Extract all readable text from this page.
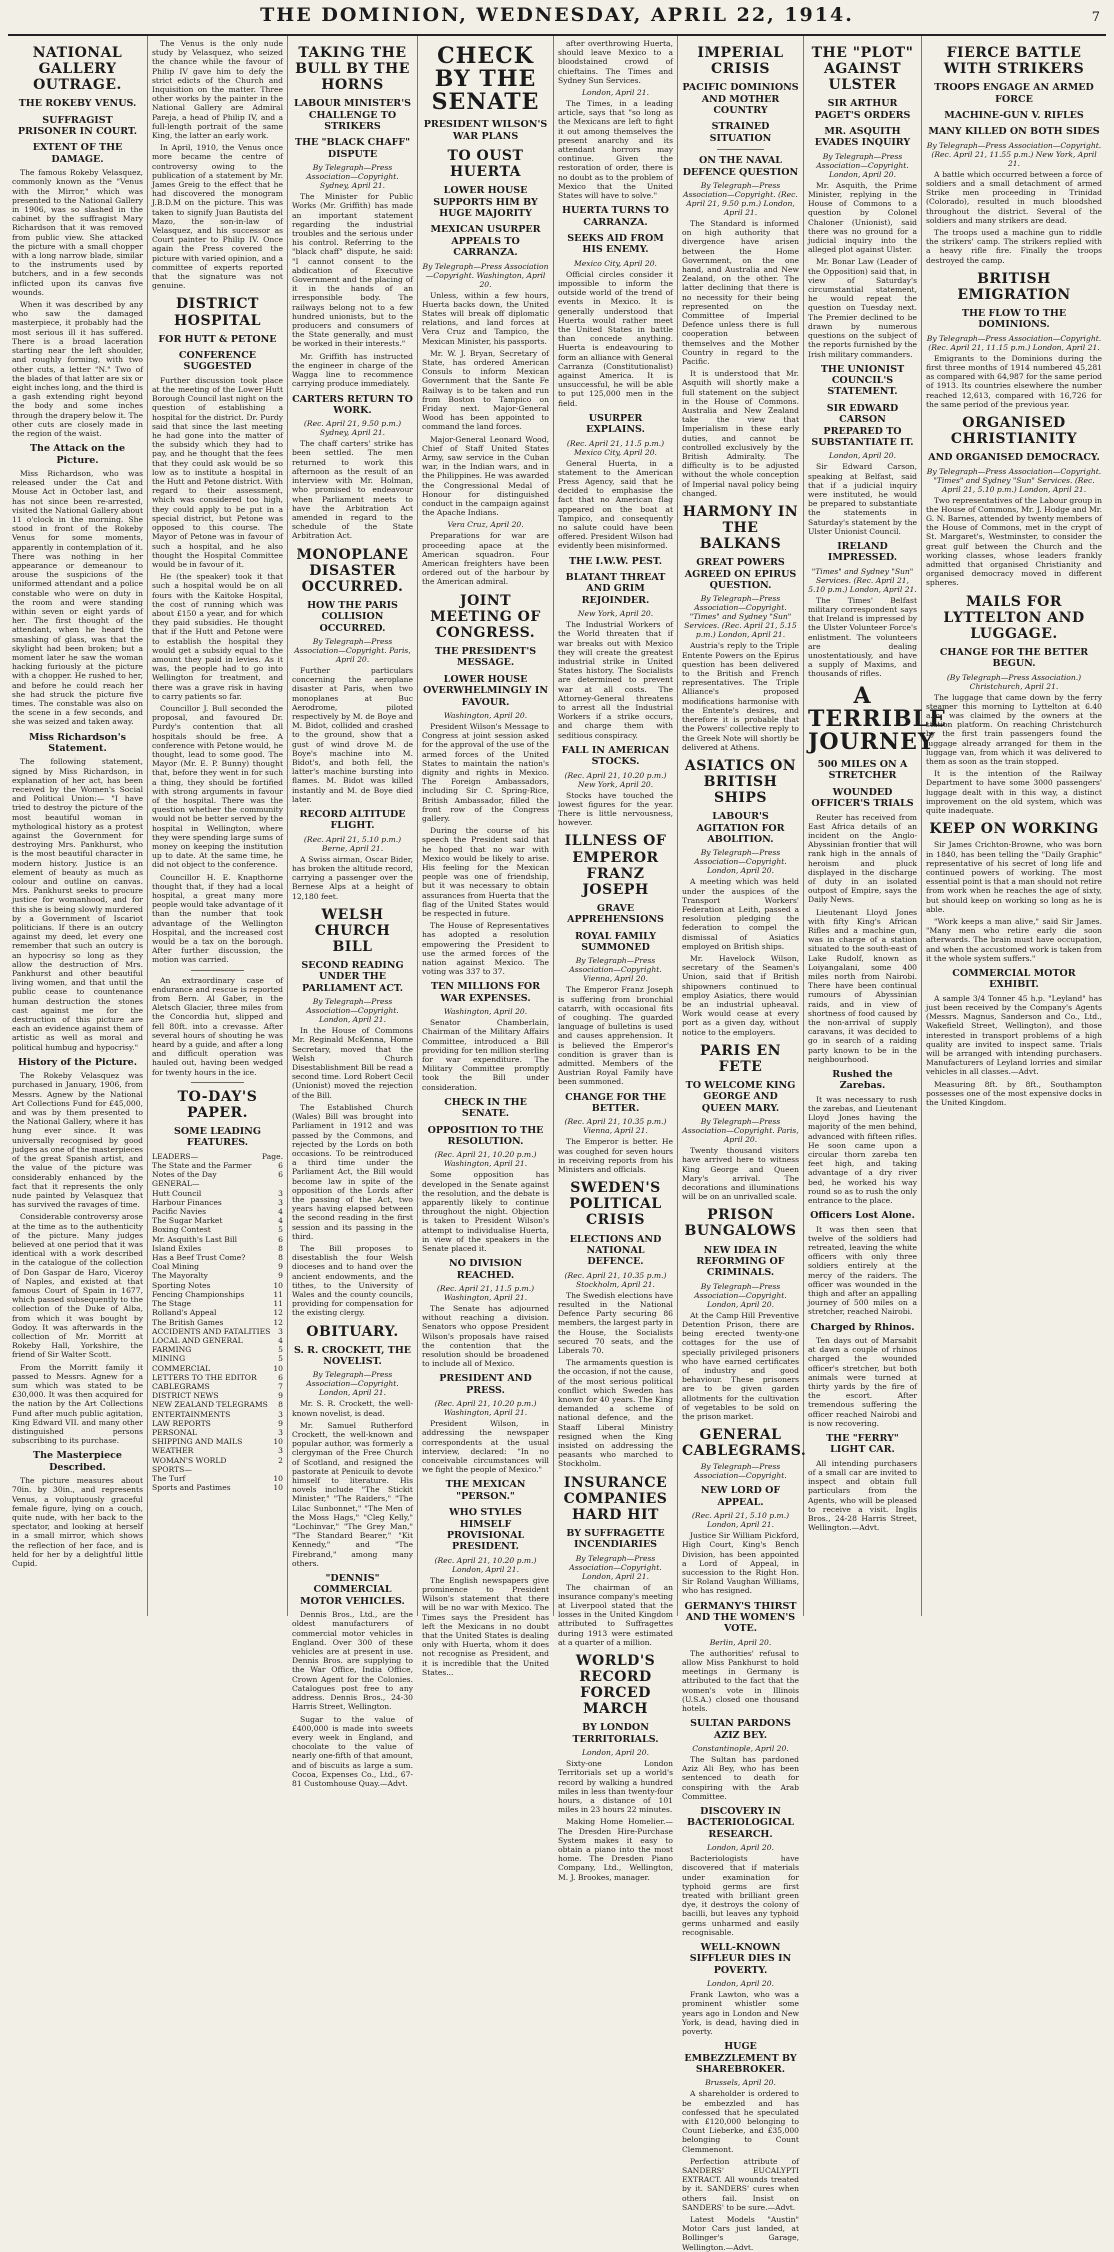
THE DOMINION, WEDNESDAY, APRIL 22, 1914.	7
NATIONAL GALLERY OUTRAGE.
THE ROKEBY VENUS.
SUFFRAGIST PRISONER IN COURT.
EXTENT OF THE DAMAGE.
The famous Rokeby Velasquez, commonly known as the "Venus with the Mirror," which was presented to the National Gallery in 1906, was so slashed in the cabinet by the suffragist Mary Richardson that it was removed from public view. She attacked the picture with a small chopper with a long narrow blade, similar to the instruments used by butchers, and in a few seconds inflicted upon its canvas five wounds.
When it was described by any who saw the damaged masterpiece, it probably had the most serious ill it has suffered. There is a broad laceration starting near the left shoulder, and roughly forming, with two other cuts, a letter "N." Two of the blades of that latter are six or eight inches long, and the third is a gash extending right beyond the body and some inches through the drapery below it. The other cuts are closely made in the region of the waist.
The Attack on the Picture.
Miss Richardson, who was released under the Cat and Mouse Act in October last, and has not since been re-arrested, visited the National Gallery about 11 o'clock in the morning. She stood in front of the Rokeby Venus for some moments, apparently in contemplation of it. There was nothing in her appearance or demeanour to arouse the suspicions of the uniformed attendant and a police constable who were on duty in the room and were standing within seven or eight yards of her. The first thought of the attendant, when he heard the smashing of glass, was that the skylight had been broken; but a moment later he saw the woman hacking furiously at the picture with a chopper. He rushed to her, and before he could reach her she had struck the picture five times. The constable was also on the scene in a few seconds, and she was seized and taken away.
Miss Richardson's Statement.
The following statement, signed by Miss Richardson, in explanation of her act, has been received by the Women's Social and Political Union:— "I have tried to destroy the picture of the most beautiful woman in mythological history as a protest against the Government for destroying Mrs. Pankhurst, who is the most beautiful character in modern history. Justice is an element of beauty as much as colour and outline on canvas. Mrs. Pankhurst seeks to procure justice for womanhood, and for this she is being slowly murdered by a Government of Iscariot politicians. If there is an outcry against my deed, let every one remember that such an outcry is an hypocrisy so long as they allow the destruction of Mrs. Pankhurst and other beautiful living women, and that until the public cease to countenance human destruction the stones cast against me for the destruction of this picture are each an evidence against them of artistic as well as moral and political humbug and hypocrisy."
History of the Picture.
The Rokeby Velasquez was purchased in January, 1906, from Messrs. Agnew by the National Art Collections Fund for £45,000, and was by them presented to the National Gallery, where it has hung ever since. It was universally recognised by good judges as one of the masterpieces of the great Spanish artist, and the value of the picture was considerably enhanced by the fact that it represents the only nude painted by Velasquez that has survived the ravages of time.
Considerable controversy arose at the time as to the authenticity of the picture. Many judges believed at one period that it was identical with a work described in the catalogue of the collection of Don Gaspar de Haro, Viceroy of Naples, and existed at that famous Court of Spain in 1677, which passed subsequently to the collection of the Duke of Alba, from which it was bought by Godoy. It was afterwards in the collection of Mr. Morritt at Rokeby Hall, Yorkshire, the friend of Sir Walter Scott.
From the Morritt family it passed to Messrs. Agnew for a sum which was stated to be £30,000. It was then acquired for the nation by the Art Collections Fund after much public agitation, King Edward VII. and many other distinguished persons subscribing to its purchase.
The Masterpiece Described.
The picture measures about 70in. by 30in., and represents Venus, a voluptuously graceful female figure, lying on a couch, quite nude, with her back to the spectator, and looking at herself in a small mirror, which shows the reflection of her face, and is held for her by a delightful little Cupid.
The Venus is the only nude study by Velasquez, who seized the chance while the favour of Philip IV gave him to defy the strict edicts of the Church and Inquisition on the matter. Three other works by the painter in the National Gallery are Admiral Pareja, a head of Philip IV, and a full-length portrait of the same King, the latter an early work.
In April, 1910, the Venus once more became the centre of controversy owing to the publication of a statement by Mr. James Greig to the effect that he had discovered the monogram J.B.D.M on the picture. This was taken to signify Juan Bautista del Mazo, the son-in-law of Velasquez, and his successor as Court painter to Philip IV. Once again the Press covered the picture with varied opinion, and a committee of experts reported that the signature was not genuine.
DISTRICT HOSPITAL
FOR HUTT & PETONE
CONFERENCE SUGGESTED
Further discussion took place at the meeting of the Lower Hutt Borough Council last night on the question of establishing a hospital for the district. Dr. Purdy said that since the last meeting he had gone into the matter of the subsidy which they had to pay, and he thought that the fees that they could ask would be so low as to institute a hospital in the Hutt and Petone district. With regard to their assessment, which was considered too high, they could apply to be put in a special district, but Petone was opposed to this course. The Mayor of Petone was in favour of such a hospital, and he also thought the Hospital Committee would be in favour of it.
He (the speaker) took it that such a hospital would be on all fours with the Kaitoke Hospital, the cost of running which was about £150 a year, and for which they paid subsidies. He thought that if the Hutt and Petone were to establish the hospital they would get a subsidy equal to the amount they paid in levies. As it was, the people had to go into Wellington for treatment, and there was a grave risk in having to carry patients so far.
Councillor J. Bull seconded the proposal, and favoured Dr. Purdy's contention that all hospitals should be free. A conference with Petone would, he thought, lead to some good. The Mayor (Mr. E. P. Bunny) thought that, before they went in for such a thing, they should be fortified with strong arguments in favour of the hospital. There was the question whether the community would not be better served by the hospital in Wellington, where they were spending large sums of money on keeping the institution up to date. At the same time, he did not object to the conference.
Councillor H. E. Knapthorne thought that, if they had a local hospital, a great many more people would take advantage of it than the number that took advantage of the Wellington Hospital, and the increased cost would be a tax on the borough. After further discussion, the motion was carried.
An extraordinary case of endurance and rescue is reported from Bern. Al Gaber, in the Aletsch Glacier, three miles from the Concordia hut, slipped and fell 80ft. into a crevasse. After several hours of shouting he was heard by a guide, and after a long and difficult operation was hauled out, having been wedged for twenty hours in the ice.
TO-DAY'S PAPER.
SOME LEADING FEATURES.
LEADERS—	Page.
The State and the Farmer	6
Notes of the Day	6
GENERAL—
Hutt Council	3
Harbour Finances	3
Pacific Navies	4
The Sugar Market	4
Boxing Contest	5
Mr. Asquith's Last Bill	6
Island Exiles	8
Has a Beef Trust Come?	8
Coal Mining	9
The Mayoralty	9
Sporting Notes	10
Fencing Championships	11
The Stage	11
Rolland's Appeal	12
The British Games	12
ACCIDENTS AND FATALITIES	3
LOCAL AND GENERAL	4
FARMING	5
MINING	5
COMMERCIAL	10
LETTERS TO THE EDITOR	6
CABLEGRAMS	7
DISTRICT NEWS	9
NEW ZEALAND TELEGRAMS	8
ENTERTAINMENTS	3
LAW REPORTS	9
PERSONAL	3
SHIPPING AND MAILS	10
WEATHER	3
WOMAN'S WORLD	2
SPORTS—
The Turf	10
Sports and Pastimes	10
TAKING THE BULL BY THE HORNS
LABOUR MINISTER'S CHALLENGE TO STRIKERS
THE "BLACK CHAFF" DISPUTE
By Telegraph—Press Association—Copyright. Sydney, April 21.
The Minister for Public Works (Mr. Griffith) has made an important statement regarding the industrial troubles and the serious under his control. Referring to the "black chaff" dispute, he said: "I cannot consent to the abdication of Executive Government and the placing of it in the hands of an irresponsible body. The railways belong not to a few hundred unionists, but to the producers and consumers of the State generally, and must be worked in their interests."
Mr. Griffith has instructed the engineer in charge of the Wagga line to recommence carrying produce immediately.
CARTERS RETURN TO WORK.
(Rec. April 21, 9.50 p.m.) Sydney, April 21.
The chaff carters' strike has been settled. The men returned to work this afternoon as the result of an interview with Mr. Holman, who promised to endeavour when Parliament meets to have the Arbitration Act amended in regard to the schedule of the State Arbitration Act.
MONOPLANE DISASTER OCCURRED.
HOW THE PARIS COLLISION OCCURRED.
By Telegraph—Press Association—Copyright. Paris, April 20.
Further particulars concerning the aeroplane disaster at Paris, when two monoplanes at Buc Aerodrome, piloted respectively by M. de Boye and M. Bidot, collided and crashed to the ground, show that a gust of wind drove M. de Boye's machine into M. Bidot's, and both fell, the latter's machine bursting into flames. M. Bidot was killed instantly and M. de Boye died later.
RECORD ALTITUDE FLIGHT.
(Rec. April 21, 5.10 p.m.) Berne, April 21.
A Swiss airman, Oscar Bider, has broken the altitude record, carrying a passenger over the Bernese Alps at a height of 12,180 feet.
WELSH CHURCH BILL
SECOND READING UNDER THE PARLIAMENT ACT.
By Telegraph—Press Association—Copyright. London, April 21.
In the House of Commons Mr. Reginald McKenna, Home Secretary, moved that the Welsh Church Disestablishment Bill be read a second time. Lord Robert Cecil (Unionist) moved the rejection of the Bill.
The Established Church (Wales) Bill was brought into Parliament in 1912 and was passed by the Commons, and rejected by the Lords on both occasions. To be reintroduced a third time under the Parliament Act, the Bill would become law in spite of the opposition of the Lords after the passing of the Act, two years having elapsed between the second reading in the first session and its passing in the third.
The Bill proposes to disestablish the four Welsh dioceses and to hand over the ancient endowments, and the tithes, to the University of Wales and the county councils, providing for compensation for the existing clergy.
OBITUARY.
S. R. CROCKETT, THE NOVELIST.
By Telegraph—Press Association—Copyright. London, April 21.
Mr. S. R. Crockett, the well-known novelist, is dead.
Mr. Samuel Rutherford Crockett, the well-known and popular author, was formerly a clergyman of the Free Church of Scotland, and resigned the pastorate at Penicuik to devote himself to literature. His novels include "The Stickit Minister," "The Raiders," "The Lilac Sunbonnet," "The Men of the Moss Hags," "Cleg Kelly," "Lochinvar," "The Grey Man," "The Standard Bearer," "Kit Kennedy," and "The Firebrand," among many others.
"DENNIS" COMMERCIAL MOTOR VEHICLES.
Dennis Bros., Ltd., are the oldest manufacturers of commercial motor vehicles in England. Over 300 of these vehicles are at present in use. Dennis Bros. are supplying to the War Office, India Office, Crown Agent for the Colonies. Catalogues post free to any address. Dennis Bros., 24-30 Harris Street, Wellington.
Sugar to the value of £400,000 is made into sweets every week in England, and chocolate to the value of nearly one-fifth of that amount, and of biscuits as large a sum. Cocoa, Expenses Co., Ltd., 67-81 Customhouse Quay.—Advt.
CHECK BY THE SENATE
PRESIDENT WILSON'S WAR PLANS
TO OUST HUERTA
LOWER HOUSE SUPPORTS HIM BY HUGE MAJORITY
MEXICAN USURPER APPEALS TO CARRANZA.
By Telegraph—Press Association—Copyright. Washington, April 20.
Unless, within a few hours, Huerta backs down, the United States will break off diplomatic relations, and land forces at Vera Cruz and Tampico, the Mexican Minister, his passports.
Mr. W. J. Bryan, Secretary of State, has ordered American Consuls to inform Mexican Government that the Sante Fe Railway is to be taken and run from Boston to Tampico on Friday next. Major-General Wood has been appointed to command the land forces.
Major-General Leonard Wood, Chief of Staff United States Army, saw service in the Cuban war, in the Indian wars, and in the Philippines. He was awarded the Congressional Medal of Honour for distinguished conduct in the campaign against the Apache Indians.
Vera Cruz, April 20.
Preparations for war are proceeding apace at the American squadron. Four American freighters have been ordered out of the harbour by the American admiral.
JOINT MEETING OF CONGRESS.
THE PRESIDENT'S MESSAGE.
LOWER HOUSE OVERWHELMINGLY IN FAVOUR.
Washington, April 20.
President Wilson's Message to Congress at joint session asked for the approval of the use of the armed forces of the United States to maintain the nation's dignity and rights in Mexico. The Foreign Ambassadors, including Sir C. Spring-Rice, British Ambassador, filled the front row of the Congress gallery.
During the course of his speech the President said that he hoped that no war with Mexico would be likely to arise. His feeling for the Mexican people was one of friendship, but it was necessary to obtain assurances from Huerta that the flag of the United States would be respected in future.
The House of Representatives has adopted a resolution empowering the President to use the armed forces of the nation against Mexico. The voting was 337 to 37.
TEN MILLIONS FOR WAR EXPENSES.
Washington, April 20.
Senator Chamberlain, Chairman of the Military Affairs Committee, introduced a Bill providing for ten million sterling for war expenditure. The Military Committee promptly took the Bill under consideration.
CHECK IN THE SENATE.
OPPOSITION TO THE RESOLUTION.
(Rec. April 21, 10.20 p.m.) Washington, April 21.
Some opposition has developed in the Senate against the resolution, and the debate is apparently likely to continue throughout the night. Objection is taken to President Wilson's attempt to individualise Huerta, in view of the speakers in the Senate placed it.
NO DIVISION REACHED.
(Rec. April 21, 11.5 p.m.) Washington, April 21.
The Senate has adjourned without reaching a division. Senators who oppose President Wilson's proposals have raised the contention that the resolution should be broadened to include all of Mexico.
PRESIDENT AND PRESS.
(Rec. April 21, 10.20 p.m.) Washington, April 21.
President Wilson, in addressing the newspaper correspondents at the usual interview, declared: "In no conceivable circumstances will we fight the people of Mexico."
THE MEXICAN "PERSON."
WHO STYLES HIMSELF PROVISIONAL PRESIDENT.
(Rec. April 21, 10.20 p.m.) London, April 21.
The English newspapers give prominence to President Wilson's statement that there will be no war with Mexico. The Times says the President has left the Mexicans in no doubt that the United States is dealing only with Huerta, whom it does not recognise as President, and it is incredible that the United States...
after overthrowing Huerta, should leave Mexico to a bloodstained crowd of chieftains. The Times and Sydney Sun Services.
London, April 21.
The Times, in a leading article, says that "so long as the Mexicans are left to fight it out among themselves the present anarchy and its attendant horrors may continue. Given the restoration of order, there is no doubt as to the problem of Mexico that the United States will have to solve."
HUERTA TURNS TO CARRANZA.
SEEKS AID FROM HIS ENEMY.
Mexico City, April 20.
Official circles consider it impossible to inform the outside world of the trend of events in Mexico. It is generally understood that Huerta would rather meet the United States in battle than concede anything. Huerta is endeavouring to form an alliance with General Carranza (Constitutionalist) against America. It is unsuccessful, he will be able to put 125,000 men in the field.
USURPER EXPLAINS.
(Rec. April 21, 11.5 p.m.) Mexico City, April 20.
General Huerta, in a statement to the American Press Agency, said that he decided to emphasise the fact that no American flag appeared on the boat at Tampico, and consequently no salute could have been offered. President Wilson had evidently been misinformed.
THE I.W.W. PEST.
BLATANT THREAT AND GRIM REJOINDER.
New York, April 20.
The Industrial Workers of the World threaten that if war breaks out with Mexico they will create the greatest industrial strike in United States history. The Socialists are determined to prevent war at all costs. The Attorney-General threatens to arrest all the Industrial Workers if a strike occurs, and charge them with seditious conspiracy.
FALL IN AMERICAN STOCKS.
(Rec. April 21, 10.20 p.m.) New York, April 20.
Stocks have touched the lowest figures for the year. There is little nervousness, however.
ILLNESS OF EMPEROR FRANZ JOSEPH
GRAVE APPREHENSIONS
ROYAL FAMILY SUMMONED
By Telegraph—Press Association—Copyright. Vienna, April 20.
The Emperor Franz Joseph is suffering from bronchial catarrh, with occasional fits of coughing. The guarded language of bulletins is used and causes apprehension. It is believed the Emperor's condition is graver than is admitted. Members of the Austrian Royal Family have been summoned.
CHANGE FOR THE BETTER.
(Rec. April 21, 10.35 p.m.) Vienna, April 21.
The Emperor is better. He was coughed for seven hours in receiving reports from his Ministers and officials.
SWEDEN'S POLITICAL CRISIS
ELECTIONS AND NATIONAL DEFENCE.
(Rec. April 21, 10.35 p.m.) Stockholm, April 21.
The Swedish elections have resulted in the National Defence Party securing 86 members, the largest party in the House, the Socialists secured 70 seats, and the Liberals 70.
The armaments question is the occasion, if not the cause, of the most serious political conflict which Sweden has known for 40 years. The King demanded a scheme of national defence, and the Staaff Liberal Ministry resigned when the King insisted on addressing the peasants who marched to Stockholm.
INSURANCE COMPANIES HARD HIT
BY SUFFRAGETTE INCENDIARIES
By Telegraph—Press Association—Copyright. London, April 21.
The chairman of an insurance company's meeting at Liverpool stated that the losses in the United Kingdom attributed to Suffragettes during 1913 were estimated at a quarter of a million.
WORLD'S RECORD FORCED MARCH
BY LONDON TERRITORIALS.
London, April 20.
Sixty-one London Territorials set up a world's record by walking a hundred miles in less than twenty-four hours, a distance of 101 miles in 23 hours 22 minutes.
Making Home Homelier.—The Dresden Hire-Purchase System makes it easy to obtain a piano into the most home. The Dresden Piano Company, Ltd., Wellington, M. J. Brookes, manager.
IMPERIAL CRISIS
PACIFIC DOMINIONS AND MOTHER COUNTRY
STRAINED SITUATION
ON THE NAVAL DEFENCE QUESTION
By Telegraph—Press Association—Copyright. (Rec. April 21, 9.50 p.m.) London, April 21.
The Standard is informed on high authority that divergence have arisen between the Home Government, on the one hand, and Australia and New Zealand, on the other. The latter declining that there is no necessity for their being represented on the Committee of Imperial Defence unless there is full cooperation between themselves and the Mother Country in regard to the Pacific.
It is understood that Mr. Asquith will shortly make a full statement on the subject in the House of Commons. Australia and New Zealand take the view that Imperialism in these early duties, and cannot be controlled exclusively by the British Admiralty. The difficulty is to be adjusted without the whole conception of Imperial naval policy being changed.
HARMONY IN THE BALKANS
GREAT POWERS AGREED ON EPIRUS QUESTION.
By Telegraph—Press Association—Copyright. "Times" and Sydney "Sun" Services. (Rec. April 21, 5.15 p.m.) London, April 21.
Austria's reply to the Triple Entente Powers on the Epirus question has been delivered to the British and French representatives. The Triple Alliance's proposed modifications harmonise with the Entente's desires, and therefore it is probable that the Powers' collective reply to the Greek Note will shortly be delivered at Athens.
ASIATICS ON BRITISH SHIPS
LABOUR'S AGITATION FOR ABOLITION.
By Telegraph—Press Association—Copyright. London, April 20.
A meeting which was held under the auspices of the Transport Workers' Federation at Leith, passed a resolution pledging the federation to compel the dismissal of Asiatics employed on British ships.
Mr. Havelock Wilson, secretary of the Seamen's Union, said that if British shipowners continued to employ Asiatics, there would be an industrial upheaval. Work would cease at every port as a given day, without notice to the employers.
PARIS EN FETE
TO WELCOME KING GEORGE AND QUEEN MARY.
By Telegraph—Press Association—Copyright. Paris, April 20.
Twenty thousand visitors have arrived here to witness King George and Queen Mary's arrival. The decorations and illuminations will be on an unrivalled scale.
PRISON BUNGALOWS
NEW IDEA IN REFORMING OF CRIMINALS.
By Telegraph—Press Association—Copyright. London, April 20.
At the Camp Hill Preventive Detention Prison, there are being erected twenty-one cottages for the use of specially privileged prisoners who have earned certificates of industry and good behaviour. These prisoners are to be given garden allotments for the cultivation of vegetables to be sold on the prison market.
GENERAL CABLEGRAMS.
By Telegraph—Press Association—Copyright.
NEW LORD OF APPEAL.
(Rec. April 21, 5.10 p.m.) London, April 21.
Justice Sir William Pickford, High Court, King's Bench Division, has been appointed a Lord of Appeal, in succession to the Right Hon. Sir Roland Vaughan Williams, who has resigned.
GERMANY'S THIRST AND THE WOMEN'S VOTE.
Berlin, April 20.
The authorities' refusal to allow Miss Pankhurst to hold meetings in Germany is attributed to the fact that the women's vote in Illinois (U.S.A.) closed one thousand hotels.
SULTAN PARDONS AZIZ BEY.
Constantinople, April 20.
The Sultan has pardoned Aziz Ali Bey, who has been sentenced to death for conspiring with the Arab Committee.
DISCOVERY IN BACTERIOLOGICAL RESEARCH.
London, April 20.
Bacteriologists have discovered that if materials under examination for typhoid germs are first treated with brilliant green dye, it destroys the colony of bacilli, but leaves any typhoid germs unharmed and easily recognisable.
WELL-KNOWN SIFFLEUR DIES IN POVERTY.
London, April 20.
Frank Lawton, who was a prominent whistler some years ago in London and New York, is dead, having died in poverty.
HUGE EMBEZZLEMENT BY SHAREBROKER.
Brussels, April 20.
A shareholder is ordered to be embezzled and has confessed that he speculated with £120,000 belonging to Count Lieberke, and £35,000 belonging to Count Clemmenont.
Perfection attribute of SANDERS' EUCALYPTI EXTRACT. All wounds treated by it. SANDERS' cures when others fail. Insist on SANDERS' to be sure.—Advt.
Latest Models "Austin" Motor Cars just landed, at Bollinger's Garage, Wellington.—Advt.
THE "PLOT" AGAINST ULSTER
SIR ARTHUR PAGET'S ORDERS
MR. ASQUITH EVADES INQUIRY
By Telegraph—Press Association—Copyright. London, April 20.
Mr. Asquith, the Prime Minister, replying in the House of Commons to a question by Colonel Chaloner (Unionist), said there was no ground for a judicial inquiry into the alleged plot against Ulster.
Mr. Bonar Law (Leader of the Opposition) said that, in view of Saturday's circumstantial statement, he would repeat the question on Tuesday next. The Premier declined to be drawn by numerous questions on the subject of the reports furnished by the Irish military commanders.
THE UNIONIST COUNCIL'S STATEMENT.
SIR EDWARD CARSON PREPARED TO SUBSTANTIATE IT.
London, April 20.
Sir Edward Carson, speaking at Belfast, said that if a judicial inquiry were instituted, he would be prepared to substantiate the statements in Saturday's statement by the Ulster Unionist Council.
IRELAND IMPRESSED.
"Times" and Sydney "Sun" Services. (Rec. April 21, 5.10 p.m.) London, April 21.
The Times' Belfast military correspondent says that Ireland is impressed by the Ulster Volunteer Force's enlistment. The volunteers are dealing unostentatiously, and have a supply of Maxims, and thousands of rifles.
A TERRIBLE JOURNEY
500 MILES ON A STRETCHER
WOUNDED OFFICER'S TRIALS
Reuter has received from East Africa details of an incident on the Anglo-Abyssinian frontier that will rank high in the annals of heroism and pluck displayed in the discharge of duty in an isolated outpost of Empire, says the Daily News.
Lieutenant Lloyd Jones with fifty King's African Rifles and a machine gun, was in charge of a station situated to the south-east of Lake Rudolf, known as Loiyangalani, some 400 miles north from Nairobi. There have been continual rumours of Abyssinian raids, and in view of shortness of food caused by the non-arrival of supply caravans, it was decided to go in search of a raiding party known to be in the neighbourhood.
Rushed the Zarebas.
It was necessary to rush the zarebas, and Lieutenant Lloyd Jones having the majority of the men behind, advanced with fifteen rifles. He soon came upon a circular thorn zareba ten feet high, and taking advantage of a dry river bed, he worked his way round so as to rush the only entrance to the place.
Officers Lost Alone.
It was then seen that twelve of the soldiers had retreated, leaving the white officers with only three soldiers entirely at the mercy of the raiders. The officer was wounded in the thigh and after an appalling journey of 500 miles on a stretcher, reached Nairobi.
Charged by Rhinos.
Ten days out of Marsabit at dawn a couple of rhinos charged the wounded officer's stretcher, but both animals were turned at thirty yards by the fire of the escort. After tremendous suffering the officer reached Nairobi and is now recovering.
THE "FERRY" LIGHT CAR.
All intending purchasers of a small car are invited to inspect and obtain full particulars from the Agents, who will be pleased to receive a visit. Inglis Bros., 24-28 Harris Street, Wellington.—Advt.
FIERCE BATTLE WITH STRIKERS
TROOPS ENGAGE AN ARMED FORCE
MACHINE-GUN V. RIFLES
MANY KILLED ON BOTH SIDES
By Telegraph—Press Association—Copyright. (Rec. April 21, 11.55 p.m.) New York, April 21.
A battle which occurred between a force of soldiers and a small detachment of armed Strike men proceeding in Trinidad (Colorado), resulted in much bloodshed throughout the district. Several of the soldiers and many strikers are dead.
The troops used a machine gun to riddle the strikers' camp. The strikers replied with a heavy rifle fire. Finally the troops destroyed the camp.
BRITISH EMIGRATION
THE FLOW TO THE DOMINIONS.
By Telegraph—Press Association—Copyright. (Rec. April 21, 11.15 p.m.) London, April 21.
Emigrants to the Dominions during the first three months of 1914 numbered 45,281 as compared with 64,987 for the same period of 1913. Its countries elsewhere the number reached 12,613, compared with 16,726 for the same period of the previous year.
ORGANISED CHRISTIANITY
AND ORGANISED DEMOCRACY.
By Telegraph—Press Association—Copyright. "Times" and Sydney "Sun" Services. (Rec. April 21, 5.10 p.m.) London, April 21.
Two representatives of the Labour group in the House of Commons, Mr. J. Hodge and Mr. G. N. Barnes, attended by twenty members of the House of Commons, met in the crypt of St. Margaret's, Westminster, to consider the great gulf between the Church and the working classes, whose leaders frankly admitted that organised Christianity and organised democracy moved in different spheres.
MAILS FOR LYTTELTON AND LUGGAGE.
CHANGE FOR THE BETTER BEGUN.
(By Telegraph—Press Association.) Christchurch, April 21.
The luggage that came down by the ferry steamer this morning to Lyttelton at 6.40 a.m. was claimed by the owners at the station platform. On reaching Christchurch by the first train passengers found the luggage already arranged for them in the luggage van, from which it was delivered to them as soon as the train stopped.
It is the intention of the Railway Department to have some 3000 passengers' luggage dealt with in this way, a distinct improvement on the old system, which was quite inadequate.
KEEP ON WORKING
Sir James Crichton-Browne, who was born in 1840, has been telling the "Daily Graphic" representative of his secret of long life and continued powers of working. The most essential point is that a man should not retire from work when he reaches the age of sixty, but should keep on working so long as he is able.
"Work keeps a man alive," said Sir James. "Many men who retire early die soon afterwards. The brain must have occupation, and when the accustomed work is taken from it the whole system suffers."
COMMERCIAL MOTOR EXHIBIT.
A sample 3/4 Tonner 45 h.p. "Leyland" has just been received by the Company's Agents (Messrs. Magnus, Sanderson and Co., Ltd., Wakefield Street, Wellington), and those interested in transport problems of a high quality are invited to inspect same. Trials will be arranged with intending purchasers. Manufacturers of Leyland lorries and similar vehicles in all classes.—Advt.
Measuring 8ft. by 8ft., Southampton possesses one of the most expensive docks in the United Kingdom.
